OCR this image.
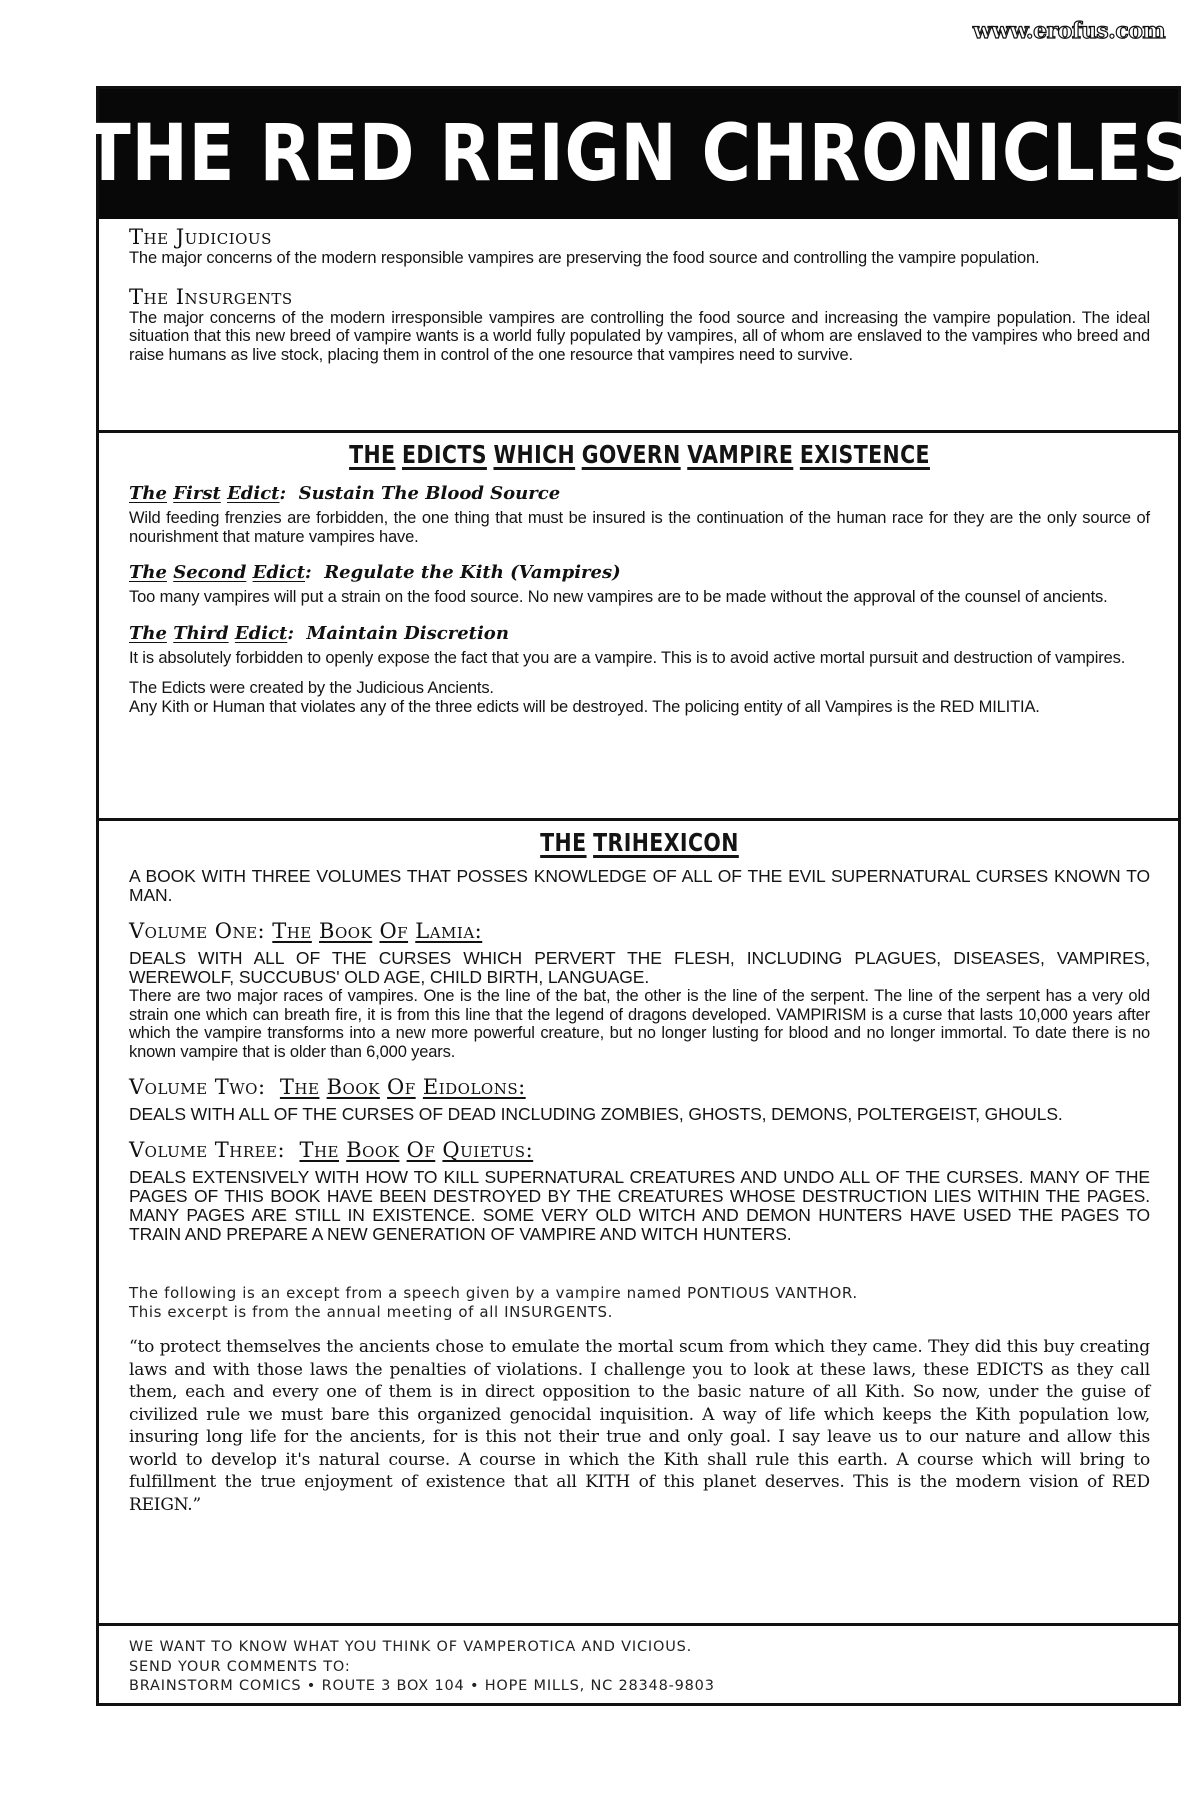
www.erofus.com
THE RED REIGN CHRONICLES
The Judicious

The major concerns of the modern responsible vampires are preserving the food source and controlling the vampire population.

The Insurgents

The major concerns of the modern irresponsible vampires are controlling the food source and increasing the vampire population. The ideal situation that this new breed of vampire wants is a world fully populated by vampires, all of whom are enslaved to the vampires who breed and raise humans as live stock, placing them in control of the one resource that vampires need to survive.

THE EDICTS WHICH GOVERN VAMPIRE EXISTENCE
The First Edict:  Sustain The Blood Source

Wild feeding frenzies are forbidden, the one thing that must be insured is the continuation of the human race for they are the only source of nourishment that mature vampires have.

The Second Edict:  Regulate the Kith (Vampires)

Too many vampires will put a strain on the food source. No new vampires are to be made without the approval of the counsel of ancients.

The Third Edict:  Maintain Discretion

It is absolutely forbidden to openly expose the fact that you are a vampire. This is to avoid active mortal pursuit and destruction of vampires.

The Edicts were created by the Judicious Ancients.

Any Kith or Human that violates any of the three edicts will be destroyed. The policing entity of all Vampires is the RED MILITIA.

THE TRIHEXICON

A BOOK WITH THREE VOLUMES THAT POSSES KNOWLEDGE OF ALL OF THE EVIL SUPERNATURAL CURSES KNOWN TO MAN.

Volume One: The Book Of Lamia:

DEALS WITH ALL OF THE CURSES WHICH PERVERT THE FLESH, INCLUDING PLAGUES, DISEASES, VAMPIRES, WEREWOLF, SUCCUBUS' OLD AGE, CHILD BIRTH, LANGUAGE.

There are two major races of vampires. One is the line of the bat, the other is the line of the serpent. The line of the serpent has a very old strain one which can breath fire, it is from this line that the legend of dragons developed. VAMPIRISM is a curse that lasts 10,000 years after which the vampire transforms into a new more powerful creature, but no longer lusting for blood and no longer immortal. To date there is no known vampire that is older than 6,000 years.

Volume Two: The Book Of Eidolons:

DEALS WITH ALL OF THE CURSES OF DEAD INCLUDING ZOMBIES, GHOSTS, DEMONS, POLTERGEIST, GHOULS.

Volume Three: The Book Of Quietus:

DEALS EXTENSIVELY WITH HOW TO KILL SUPERNATURAL CREATURES AND UNDO ALL OF THE CURSES. MANY OF THE PAGES OF THIS BOOK HAVE BEEN DESTROYED BY THE CREATURES WHOSE DESTRUCTION LIES WITHIN THE PAGES. MANY PAGES ARE STILL IN EXISTENCE. SOME VERY OLD WITCH AND DEMON HUNTERS HAVE USED THE PAGES TO TRAIN AND PREPARE A NEW GENERATION OF VAMPIRE AND WITCH HUNTERS.

The following is an except from a speech given by a vampire named PONTIOUS VANTHOR.

This excerpt is from the annual meeting of all INSURGENTS.

“to protect themselves the ancients chose to emulate the mortal scum from which they came. They did this buy creating laws and with those laws the penalties of violations. I challenge you to look at these laws, these EDICTS as they call them, each and every one of them is in direct opposition to the basic nature of all Kith. So now, under the guise of civilized rule we must bare this organized genocidal inquisition. A way of life which keeps the Kith population low, insuring long life for the ancients, for is this not their true and only goal. I say leave us to our nature and allow this world to develop it's natural course. A course in which the Kith shall rule this earth. A course which will bring to fulfillment the true enjoyment of existence that all KITH of this planet deserves. This is the modern vision of RED REIGN.”

WE WANT TO KNOW WHAT YOU THINK OF VAMPEROTICA AND VICIOUS.

SEND YOUR COMMENTS TO:

BRAINSTORM COMICS • ROUTE 3 BOX 104 • HOPE MILLS, NC 28348-9803
